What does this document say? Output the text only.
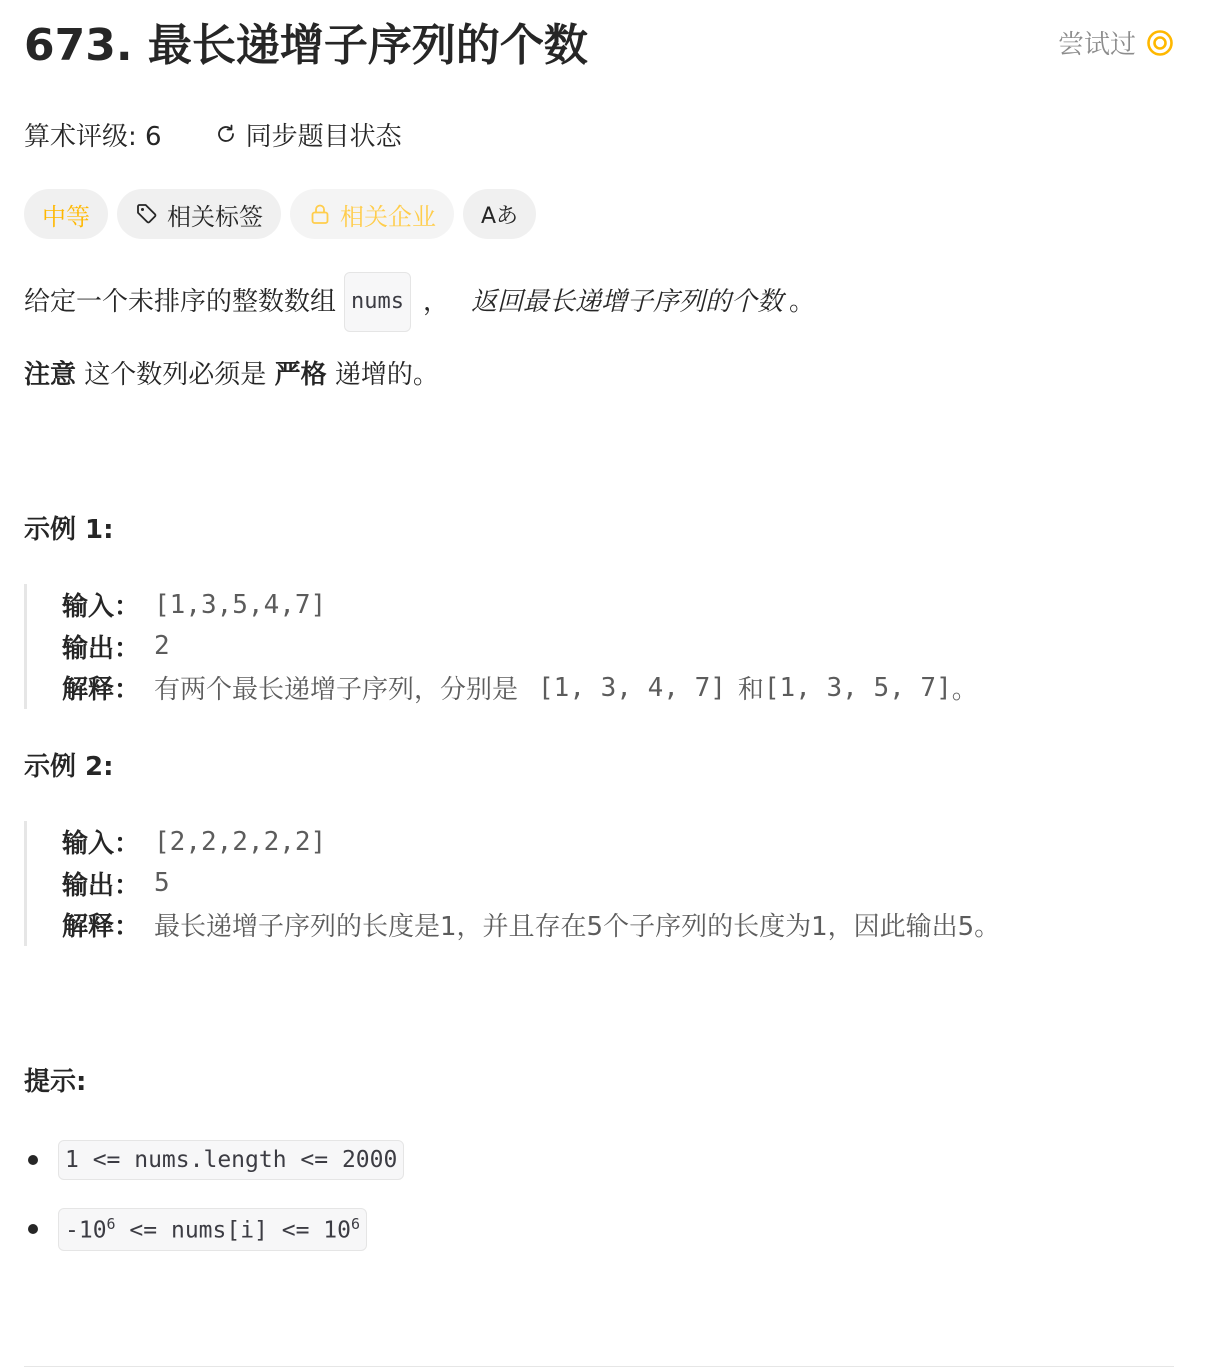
673. 最长递增子序列的个数	尝试过
算术评级: 6	同步题目状态
中等	相关标签	相关企业 Aあ
给定一个未排序的整数数组 nums ， 返回最长递增子序列的个数 。
注意 这个数列必须是 严格 递增的。
示例 1:
输入： [1,3,5,4,7]
输出： 2
解释： 有两个最长递增子序列，分别是 [1, 3, 4, 7] 和 [1, 3, 5, 7] 。
示例 2:
输入： [2,2,2,2,2]
输出： 5
解释： 最长递增子序列的长度是1，并且存在5个子序列的长度为1，因此输出5。
提示:
1 <= nums.length <= 2000
$-10^6$ <= nums[i] <= $10^6$
